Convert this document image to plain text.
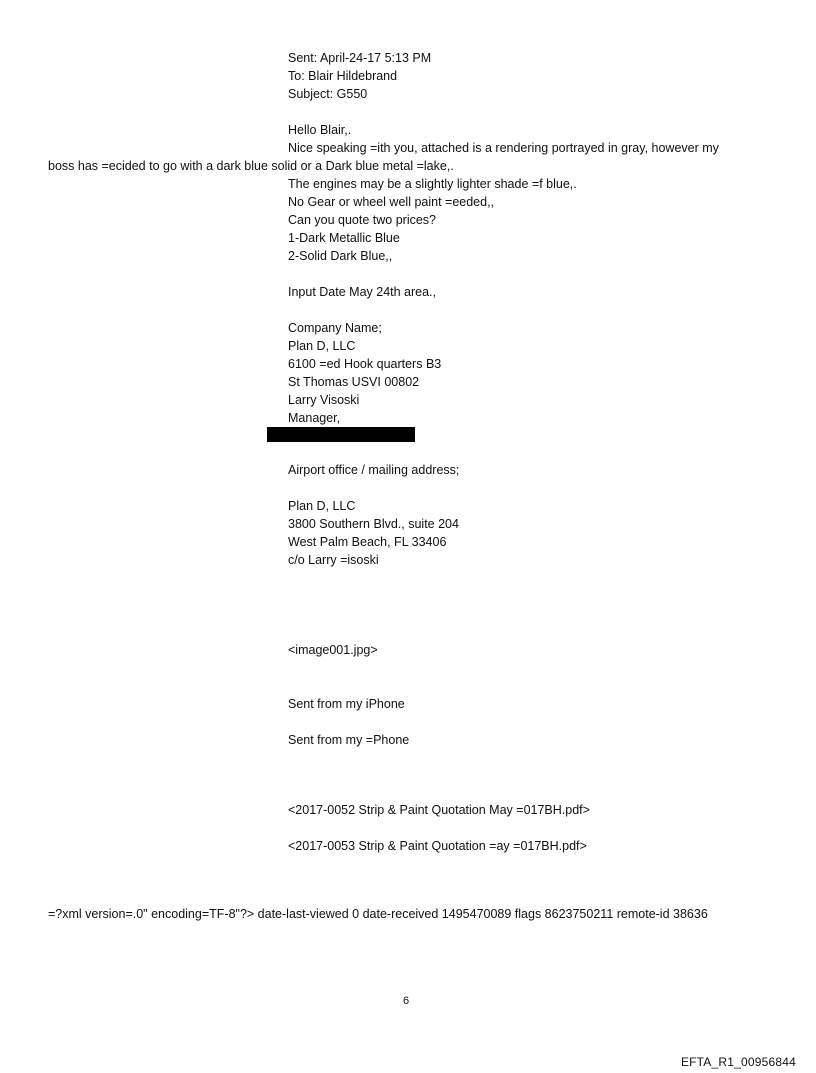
Sent: April-24-17 5:13 PM
To: Blair Hildebrand
Subject: G550
Hello Blair,.
Nice speaking =ith you, attached is a rendering portrayed in gray, however my
boss has =ecided to go with a dark blue solid or a Dark blue metal =lake,.
The engines may be a slightly lighter shade =f blue,.
No Gear or wheel well paint =eeded,,
Can you quote two prices?
1-Dark Metallic Blue
2-Solid Dark Blue,,
Input Date May 24th area.,
Company Name;
Plan D, LLC
6100 =ed Hook quarters B3
St Thomas USVI 00802
Larry Visoski
Manager,
Airport office / mailing address;
Plan D, LLC
3800 Southern Blvd., suite 204
West Palm Beach, FL 33406
c/o Larry =isoski
<image001.jpg>
Sent from my iPhone
Sent from my =Phone
<2017-0052 Strip & Paint Quotation May =017BH.pdf>
<2017-0053 Strip & Paint Quotation =ay =017BH.pdf>
=?xml version=.0" encoding=TF-8"?> date-last-viewed 0 date-received 1495470089 flags 8623750211 remote-id 38636
6
EFTA_R1_00956844
